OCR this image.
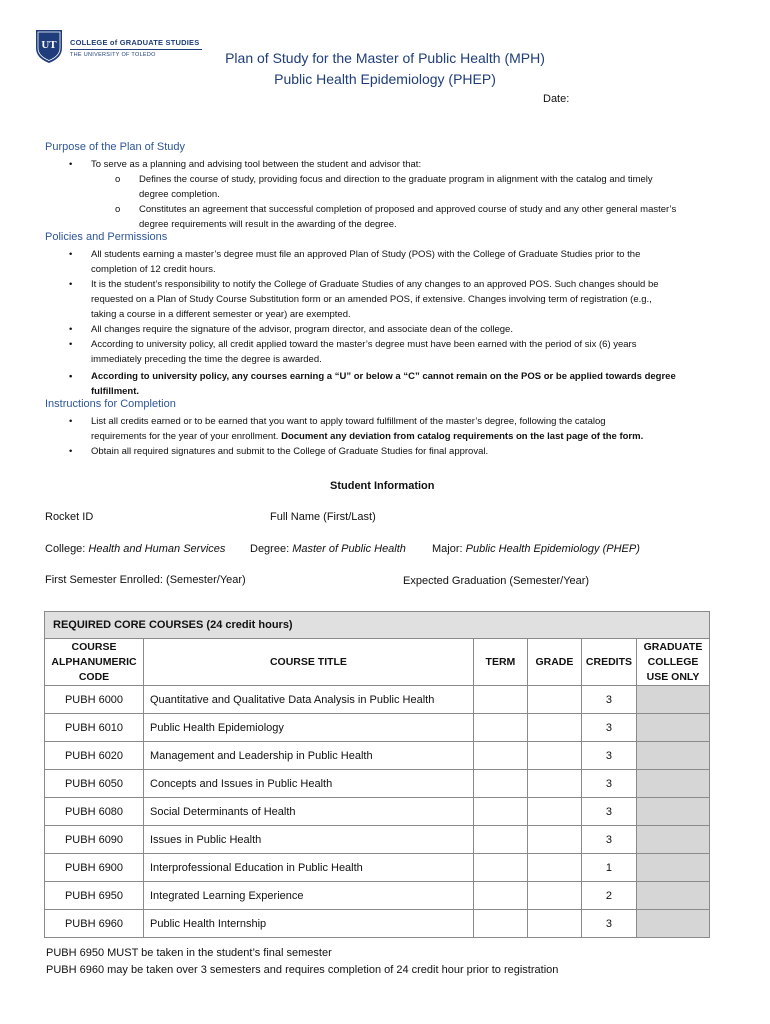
UT COLLEGE of GRADUATE STUDIES
THE UNIVERSITY OF TOLEDO	Plan of Study for the Master of Public Health (MPH)
Public Health Epidemiology (PHEP)
Date:
Purpose of the Plan of Study
• To serve as a planning and advising tool between the student and advisor that:
o Defines the course of study, providing focus and direction to the graduate program in alignment with the catalog and timely
degree completion.
o Constitutes an agreement that successful completion of proposed and approved course of study and any other general master’s
degree requirements will result in the awarding of the degree.
Policies and Permissions
• All students earning a master’s degree must file an approved Plan of Study (POS) with the College of Graduate Studies prior to the
completion of 12 credit hours.
• It is the student’s responsibility to notify the College of Graduate Studies of any changes to an approved POS. Such changes should be
requested on a Plan of Study Course Substitution form or an amended POS, if extensive. Changes involving term of registration (e.g.,
taking a course in a different semester or year) are exempted.
• All changes require the signature of the advisor, program director, and associate dean of the college.
• According to university policy, all credit applied toward the master’s degree must have been earned with the period of six (6) years
immediately preceding the time the degree is awarded.
• According to university policy, any courses earning a “U” or below a “C” cannot remain on the POS or be applied towards degree
fulfillment.
Instructions for Completion
• List all credits earned or to be earned that you want to apply toward fulfillment of the master’s degree, following the catalog
requirements for the year of your enrollment. Document any deviation from catalog requirements on the last page of the form.
• Obtain all required signatures and submit to the College of Graduate Studies for final approval.
Student Information
Rocket ID	Full Name (First/Last)
College: Health and Human Services Degree: Master of Public Health Major: Public Health Epidemiology (PHEP)
First Semester Enrolled: (Semester/Year)	Expected Graduation (Semester/Year)
REQUIRED CORE COURSES (24 credit hours)					
COURSE
ALPHANUMERIC
CODE	COURSE TITLE	TERM	GRADE	CREDITS	GRADUATE
COLLEGE
USE ONLY
PUBH 6000	Quantitative and Qualitative Data Analysis in Public Health			3	
PUBH 6010	Public Health Epidemiology			3	
PUBH 6020	Management and Leadership in Public Health			3	
PUBH 6050	Concepts and Issues in Public Health			3	
PUBH 6080	Social Determinants of Health			3	
PUBH 6090	Issues in Public Health			3	
PUBH 6900	Interprofessional Education in Public Health			1	
PUBH 6950	Integrated Learning Experience			2	
PUBH 6960	Public Health Internship			3	
PUBH 6950 MUST be taken in the student’s final semester
PUBH 6960 may be taken over 3 semesters and requires completion of 24 credit hour prior to registration
